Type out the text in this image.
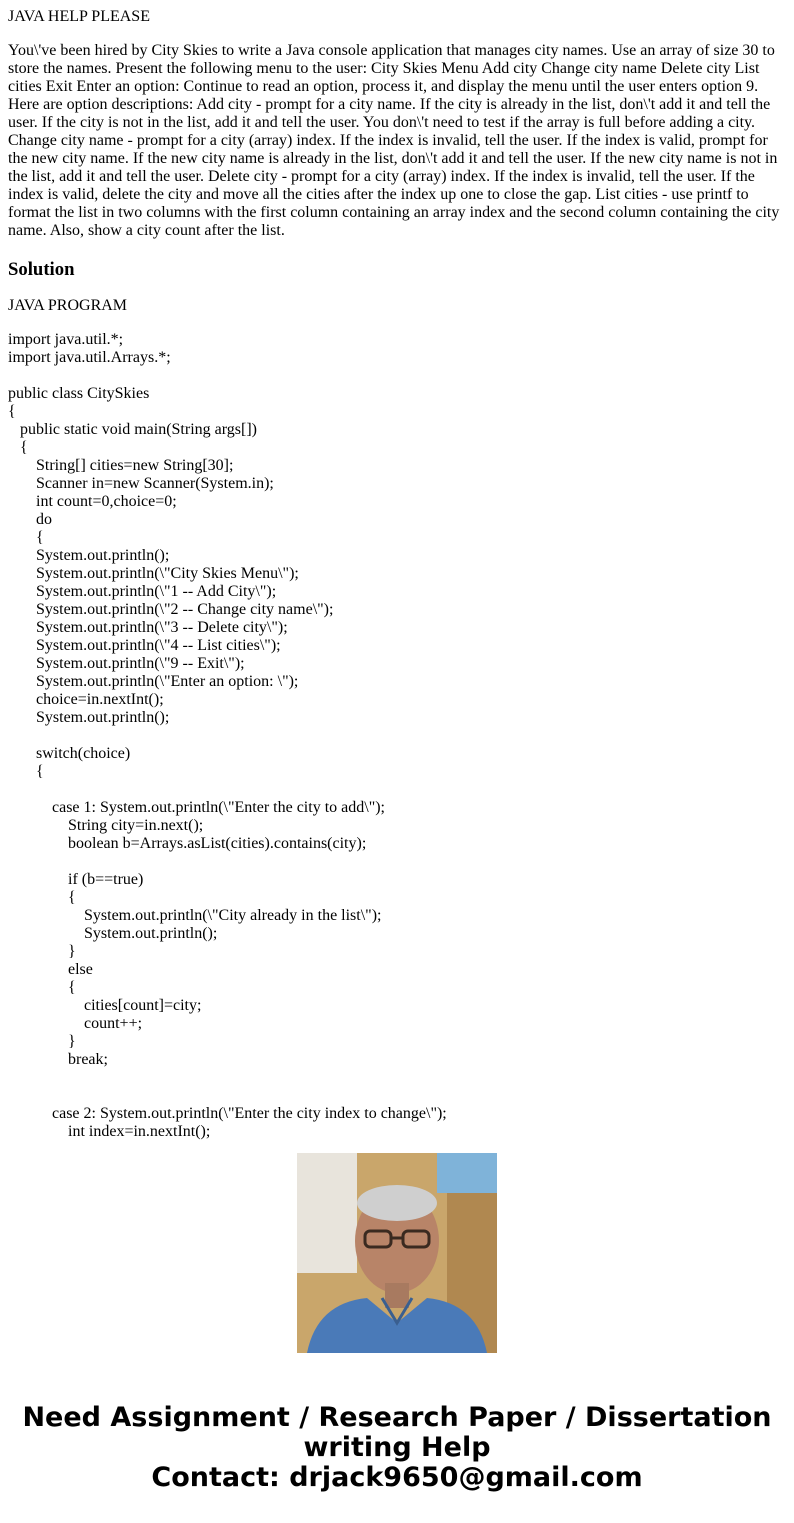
JAVA HELP PLEASE
You\'ve been hired by City Skies to write a Java console application that manages city names. Use an array of size 30 to store the names. Present the following menu to the user: City Skies Menu Add city Change city name Delete city List cities Exit Enter an option: Continue to read an option, process it, and display the menu until the user enters option 9. Here are option descriptions: Add city - prompt for a city name. If the city is already in the list, don\'t add it and tell the user. If the city is not in the list, add it and tell the user. You don\'t need to test if the array is full before adding a city. Change city name - prompt for a city (array) index. If the index is invalid, tell the user. If the index is valid, prompt for the new city name. If the new city name is already in the list, don\'t add it and tell the user. If the new city name is not in the list, add it and tell the user. Delete city - prompt for a city (array) index. If the index is invalid, tell the user. If the index is valid, delete the city and move all the cities after the index up one to close the gap. List cities - use printf to format the list in two columns with the first column containing an array index and the second column containing the city name. Also, show a city count after the list.
Solution
JAVA PROGRAM
import java.util.*;
import java.util.Arrays.*;
public class CitySkies
{
public static void main(String args[])
{
String[] cities=new String[30];
Scanner in=new Scanner(System.in);
int count=0,choice=0;
do
{
System.out.println();
System.out.println(\"City Skies Menu\");
System.out.println(\"1 -- Add City\");
System.out.println(\"2 -- Change city name\");
System.out.println(\"3 -- Delete city\");
System.out.println(\"4 -- List cities\");
System.out.println(\"9 -- Exit\");
System.out.println(\"Enter an option: \");
choice=in.nextInt();
System.out.println();
switch(choice)
{
case 1: System.out.println(\"Enter the city to add\");
String city=in.next();
boolean b=Arrays.asList(cities).contains(city);
if (b==true)
{
System.out.println(\"City already in the list\");
System.out.println();
}
else
{
cities[count]=city;
count++;
}
break;
case 2: System.out.println(\"Enter the city index to change\");
int index=in.nextInt();
Need Assignment / Research Paper / Dissertation
writing Help
Contact: drjack9650@gmail.com
